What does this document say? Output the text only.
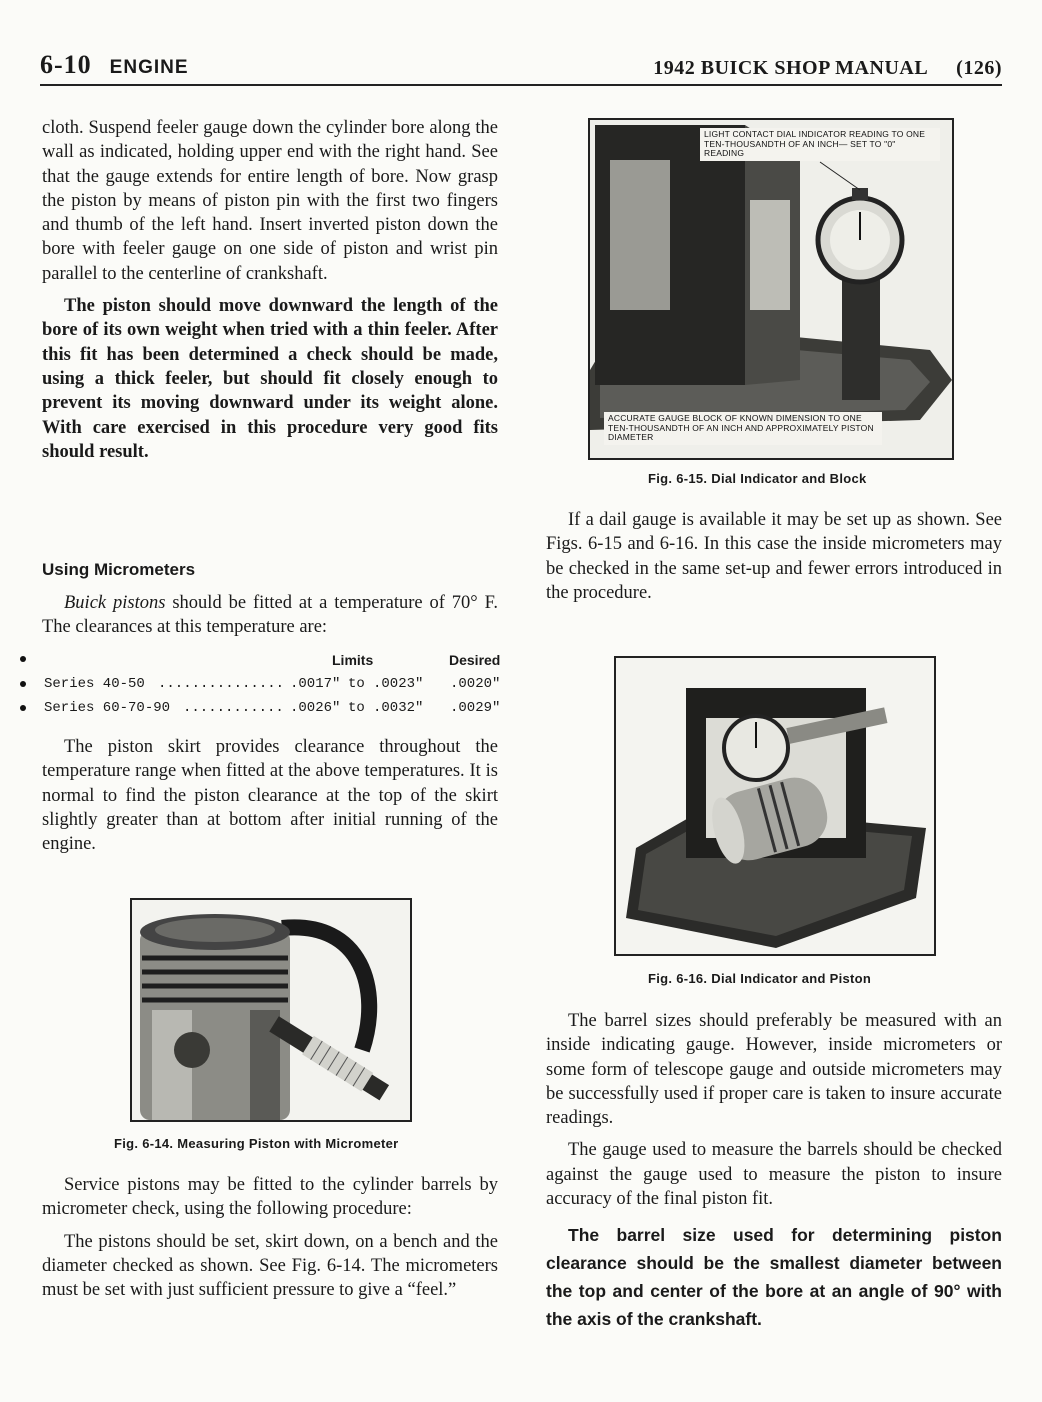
6-10 ENGINE	1942 BUICK SHOP MANUAL (126)

cloth. Suspend feeler gauge down the cylinder bore along the wall as indicated, holding upper end with the right hand. See that the gauge extends for entire length of bore. Now grasp the piston by means of piston pin with the first two fingers and thumb of the left hand. Insert inverted piston down the bore with feeler gauge on one side of piston and wrist pin parallel to the centerline of crankshaft.

The piston should move downward the length of the bore of its own weight when tried with a thin feeler. After this fit has been determined a check should be made, using a thick feeler, but should fit closely enough to prevent its moving downward under its weight alone. With care exercised in this procedure very good fits should result.

Using Micrometers

Buick pistons should be fitted at a temperature of 70° F. The clearances at this temperature are:

Limits	Desired
Series 40-50 ............... .0017" to .0023" .0020"
Series 60-70-90 ............ .0026" to .0032" .0029"

The piston skirt provides clearance throughout the temperature range when fitted at the above temperatures. It is normal to find the piston clearance at the top of the skirt slightly greater than at bottom after initial running of the engine.

Fig. 6-14. Measuring Piston with Micrometer

Service pistons may be fitted to the cylinder barrels by micrometer check, using the following procedure:

The pistons should be set, skirt down, on a bench and the diameter checked as shown. See Fig. 6-14. The micrometers must be set with just sufficient pressure to give a “feel.”

LIGHT CONTACT DIAL INDICATOR READING TO ONE TEN-THOUSANDTH OF AN INCH— SET TO "0" READING
ACCURATE GAUGE BLOCK OF KNOWN DIMENSION TO ONE TEN-THOUSANDTH OF AN INCH AND APPROXIMATELY PISTON DIAMETER
Fig. 6-15. Dial Indicator and Block

If a dail gauge is available it may be set up as shown. See Figs. 6-15 and 6-16. In this case the inside micrometers may be checked in the same set-up and fewer errors introduced in the procedure.

Fig. 6-16. Dial Indicator and Piston

The barrel sizes should preferably be measured with an inside indicating gauge. However, inside micrometers or some form of telescope gauge and outside micrometers may be successfully used if proper care is taken to insure accurate readings.

The gauge used to measure the barrels should be checked against the gauge used to measure the piston to insure accuracy of the final piston fit.

The barrel size used for determining piston clearance should be the smallest diameter between the top and center of the bore at an angle of 90° with the axis of the crankshaft.
